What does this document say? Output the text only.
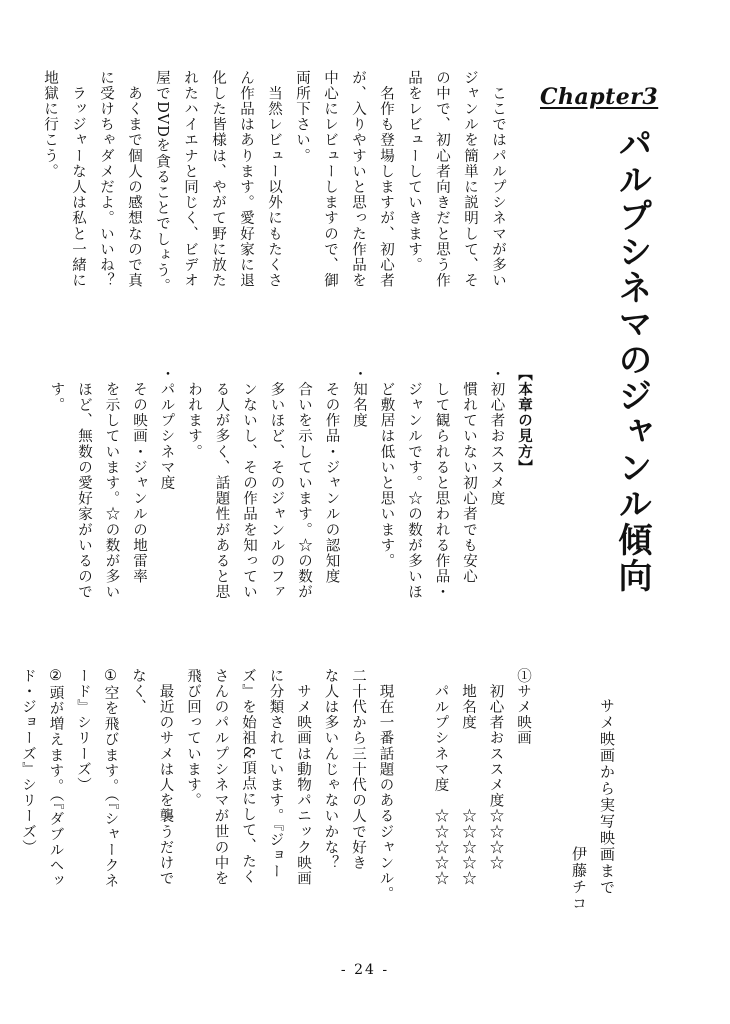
Chapter3

パルプシネマのジャンル傾向

　ここではパルプシネマが多い
ジャンルを簡単に説明して、そ
の中で、初心者向きだと思う作
品をレビューしていきます。
　名作も登場しますが、初心者
が、入りやすいと思った作品を
中心にレビューしますので、御
両所下さい。
　当然レビュー以外にもたくさ
ん作品はあります。愛好家に退
化した皆様は、やがて野に放た
れたハイエナと同じく、ビデオ
屋でDVDを貪ることでしょう。
　あくまで個人の感想なので真
に受けちゃダメだよ。いいね？
　ラッジャーな人は私と一緒に
地獄に行こう。

【本章の見方】
・初心者おススメ度
　慣れていない初心者でも安心
　して観られると思われる作品・
　ジャンルです。☆の数が多いほ
　ど敷居は低いと思います。
・知名度
　その作品・ジャンルの認知度
　合いを示しています。☆の数が
　多いほど、そのジャンルのファ
　ンないし、その作品を知ってい
　る人が多く、話題性があると思
　われます。
・パルプシネマ度
　その映画・ジャンルの地雷率
　を示しています。☆の数が多い
　ほど、無数の愛好家がいるので
　す。

①サメ映画
　初心者おススメ度☆☆☆☆
　地名度　　　　　☆☆☆☆☆
　パルプシネマ度　☆☆☆☆☆

　現在一番話題のあるジャンル。
二十代から三十代の人で好き
な人は多いんじゃないかな？
　サメ映画は動物パニック映画
に分類されています。『ジョー
ズ』を始祖&頂点にして、たく
さんのパルプシネマが世の中を
飛び回っています。
　最近のサメは人を襲うだけで
なく、
①空を飛びます。（『シャークネ
ード』シリーズ）
②頭が増えます。（『ダブルヘッ
ド・ジョーズ』シリーズ）	サメ映画から実写映画まで

伊藤チコ

- 24 -
